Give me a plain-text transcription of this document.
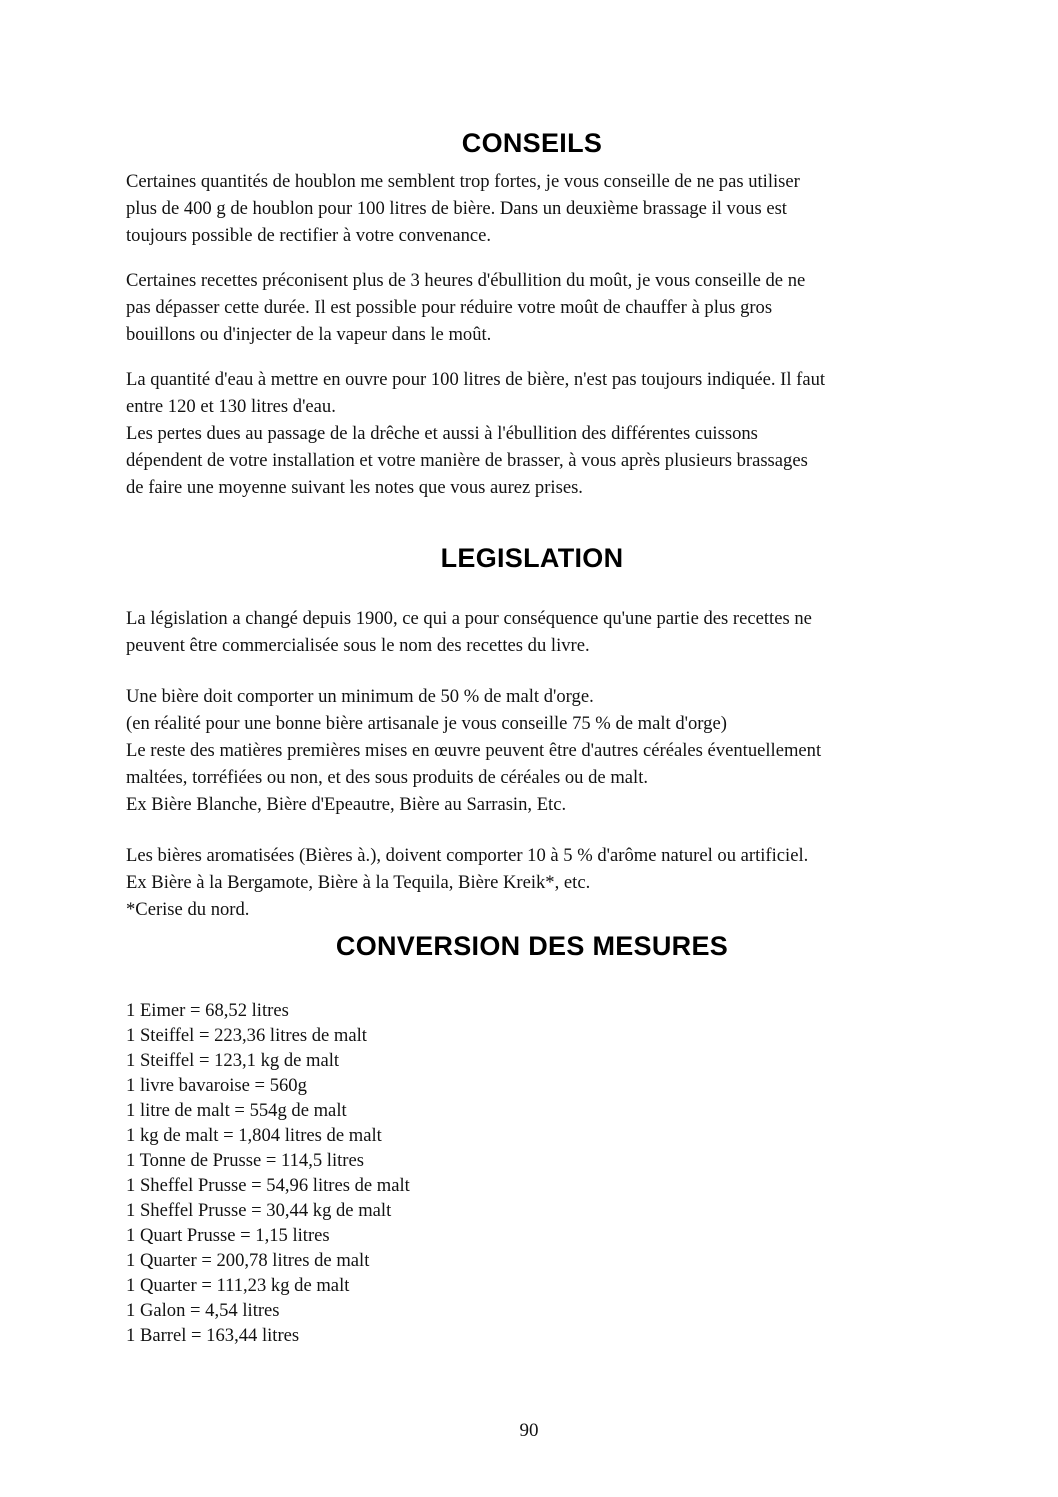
CONSEILS
Certaines quantités de houblon me semblent trop fortes, je vous conseille de ne pas utiliser
plus de 400 g de houblon pour 100 litres de bière. Dans un deuxième brassage il vous est
toujours possible de rectifier à votre convenance.
Certaines recettes préconisent plus de 3 heures d'ébullition du moût, je vous conseille de ne
pas dépasser cette durée. Il est possible pour réduire votre moût de chauffer à plus gros
bouillons ou d'injecter de la vapeur dans le moût.
La quantité d'eau à mettre en ouvre pour 100 litres de bière, n'est pas toujours indiquée. Il faut
entre 120 et 130 litres d'eau.
Les pertes dues au passage de la drêche et aussi à l'ébullition des différentes cuissons
dépendent de votre installation et votre manière de brasser, à vous après plusieurs brassages
de faire une moyenne suivant les notes que vous aurez prises.
LEGISLATION
La législation a changé depuis 1900, ce qui a pour conséquence qu'une partie des recettes ne
peuvent être commercialisée sous le nom des recettes du livre.
Une bière doit comporter un minimum de 50 % de malt d'orge.
(en réalité pour une bonne bière artisanale je vous conseille 75 % de malt d'orge)
Le reste des matières premières mises en œuvre peuvent être d'autres céréales éventuellement
maltées, torréfiées ou non, et des sous produits de céréales ou de malt.
Ex Bière Blanche, Bière d'Epeautre, Bière au Sarrasin, Etc.
Les bières aromatisées (Bières à.), doivent comporter 10 à 5 % d'arôme naturel ou artificiel.
Ex Bière à la Bergamote, Bière à la Tequila, Bière Kreik*, etc.
*Cerise du nord.
CONVERSION DES MESURES
1 Eimer = 68,52 litres
1 Steiffel = 223,36 litres de malt
1 Steiffel = 123,1 kg de malt
1 livre bavaroise = 560g
1 litre de malt = 554g de malt
1 kg de malt = 1,804 litres de malt
1 Tonne de Prusse = 114,5 litres
1 Sheffel Prusse = 54,96 litres de malt
1 Sheffel Prusse = 30,44 kg de malt
1 Quart Prusse = 1,15 litres
1 Quarter = 200,78 litres de malt
1 Quarter = 111,23 kg de malt
1 Galon = 4,54 litres
1 Barrel = 163,44 litres
90
